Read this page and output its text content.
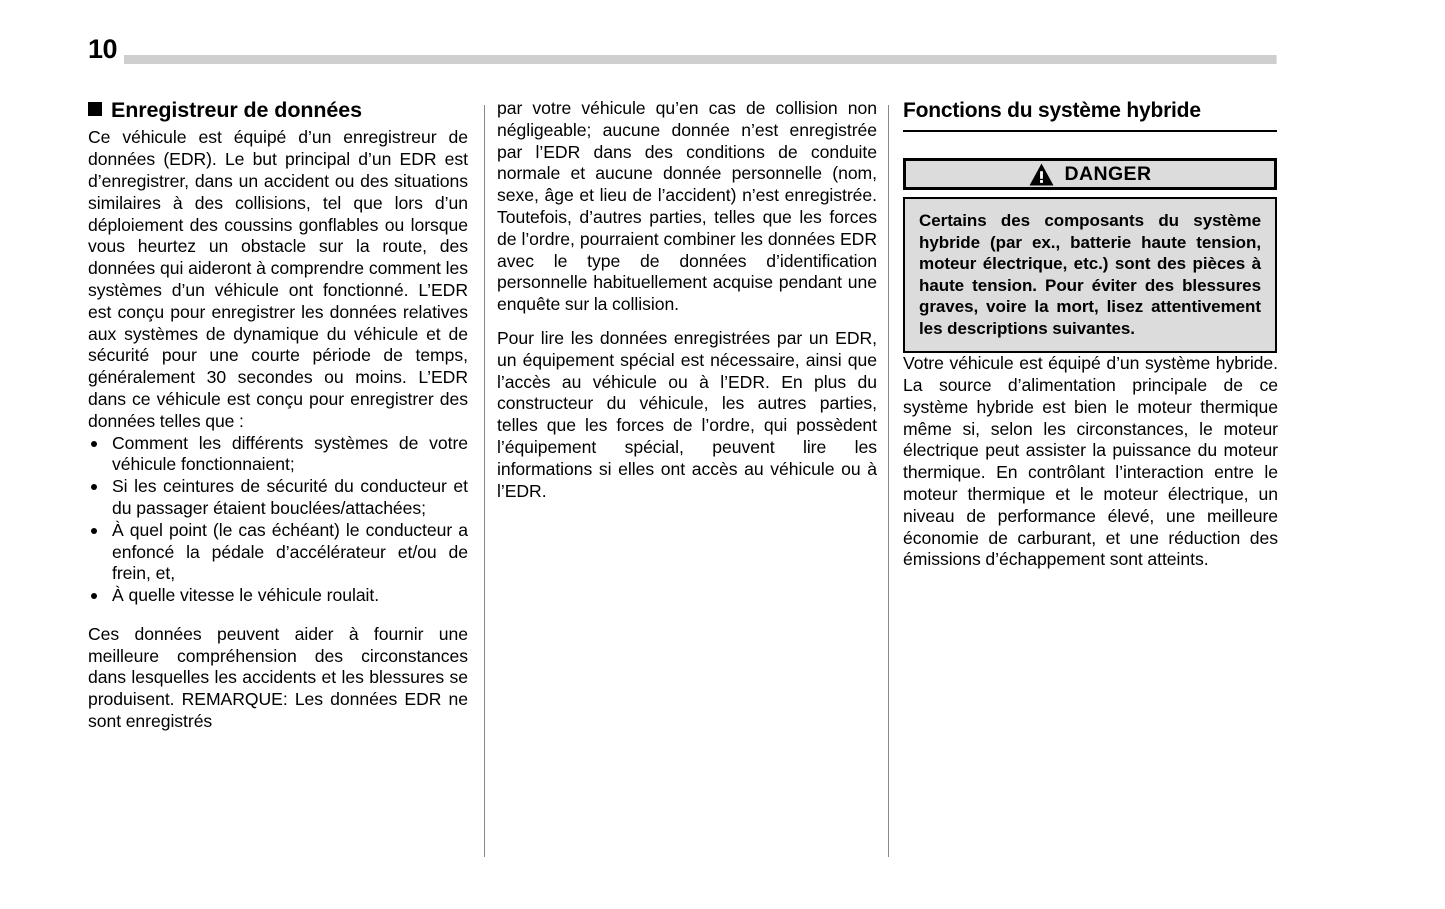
10
Enregistreur de données

Ce véhicule est équipé d’un enregistreur de données (EDR). Le but principal d’un EDR est d’enregistrer, dans un accident ou des situations similaires à des collisions, tel que lors d’un déploiement des coussins gonflables ou lorsque vous heurtez un obstacle sur la route, des données qui aideront à comprendre comment les systèmes d’un véhicule ont fonctionné. L’EDR est conçu pour enregistrer les données relatives aux systèmes de dynamique du véhicule et de sécurité pour une courte période de temps, généralement 30 secondes ou moins. L’EDR dans ce véhicule est conçu pour enregistrer des données telles que :

Comment les différents systèmes de votre véhicule fonctionnaient;
Si les ceintures de sécurité du conducteur et du passager étaient bouclées/attachées;
À quel point (le cas échéant) le conducteur a enfoncé la pédale d’accélérateur et/ou de frein, et,
À quelle vitesse le véhicule roulait.

Ces données peuvent aider à fournir une meilleure compréhension des circonstances dans lesquelles les accidents et les blessures se produisent. REMARQUE: Les données EDR ne sont enregistrés

par votre véhicule qu’en cas de collision non négligeable; aucune donnée n’est enregistrée par l’EDR dans des conditions de conduite normale et aucune donnée personnelle (nom, sexe, âge et lieu de l’accident) n’est enregistrée. Toutefois, d’autres parties, telles que les forces de l’ordre, pourraient combiner les données EDR avec le type de données d’identification personnelle habituellement acquise pendant une enquête sur la collision.

Pour lire les données enregistrées par un EDR, un équipement spécial est nécessaire, ainsi que l’accès au véhicule ou à l’EDR. En plus du constructeur du véhicule, les autres parties, telles que les forces de l’ordre, qui possèdent l’équipement spécial, peuvent lire les informations si elles ont accès au véhicule ou à l’EDR.

Fonctions du système hybride
DANGER

Certains des composants du système hybride (par ex., batterie haute tension, moteur électrique, etc.) sont des pièces à haute tension. Pour éviter des blessures graves, voire la mort, lisez attentivement les descriptions suivantes.

Votre véhicule est équipé d’un système hybride. La source d’alimentation principale de ce système hybride est bien le moteur thermique même si, selon les circonstances, le moteur électrique peut assister la puissance du moteur thermique. En contrôlant l’interaction entre le moteur thermique et le moteur électrique, un niveau de performance élevé, une meilleure économie de carburant, et une réduction des émissions d’échappement sont atteints.
